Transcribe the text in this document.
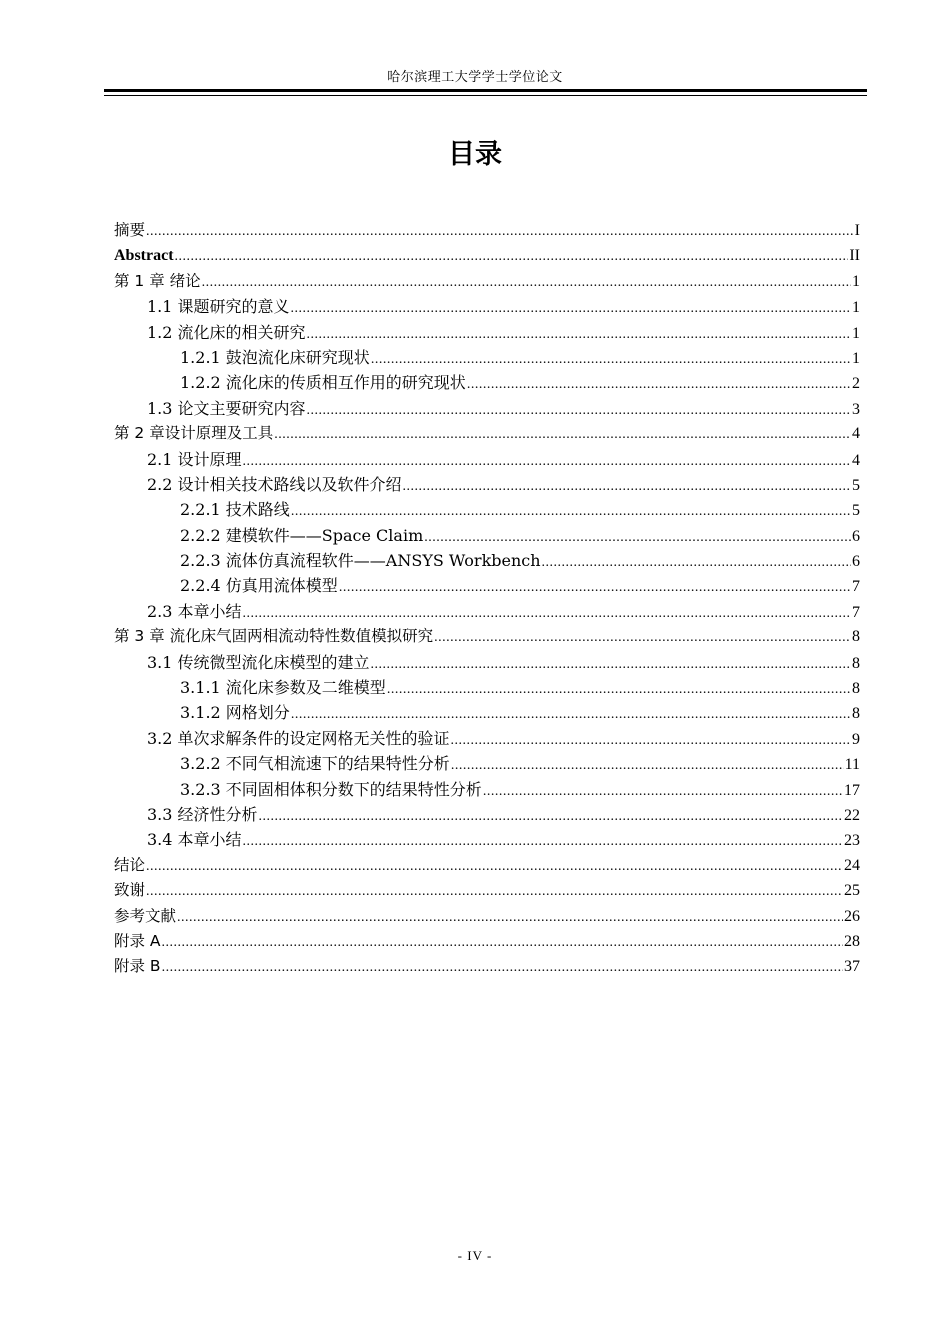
哈尔滨理工大学学士学位论文
目录
摘要 .....	I
Abstract .....	II
第 1 章 绪论 .....	1
1.1 课题研究的意义 .....	1
1.2 流化床的相关研究 .....	1
1.2.1 鼓泡流化床研究现状 .....	1
1.2.2 流化床的传质相互作用的研究现状 .....	2
1.3 论文主要研究内容 .....	3
第 2 章设计原理及工具 .....	4
2.1 设计原理 .....	4
2.2 设计相关技术路线以及软件介绍 .....	5
2.2.1 技术路线 .....	5
2.2.2 建模软件——Space Claim .....	6
2.2.3 流体仿真流程软件——ANSYS Workbench .....	6
2.2.4 仿真用流体模型 .....	7
2.3 本章小结 .....	7
第 3 章 流化床气固两相流动特性数值模拟研究 .....	8
3.1 传统微型流化床模型的建立 .....	8
3.1.1 流化床参数及二维模型 .....	8
3.1.2 网格划分 .....	8
3.2 单次求解条件的设定网格无关性的验证 .....	9
3.2.2 不同气相流速下的结果特性分析 .....	11
3.2.3 不同固相体积分数下的结果特性分析 .....	17
3.3 经济性分析 .....	22
3.4 本章小结 .....	23
结论 .....	24
致谢 .....	25
参考文献 .....	26
附录 A .....	28
附录 B .....	37
- IV -
